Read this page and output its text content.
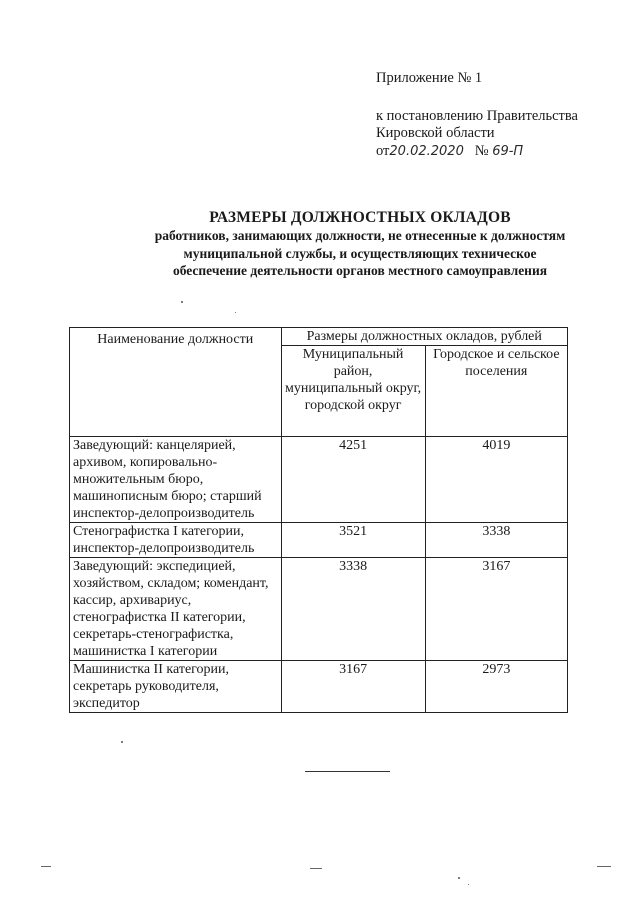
Приложение № 1
к постановлению Правительства
Кировской области
от20.02.2020 № 69-П
РАЗМЕРЫ ДОЛЖНОСТНЫХ ОКЛАДОВ
работников, занимающих должности, не отнесенные к должностям
муниципальной службы, и осуществляющих техническое
обеспечение деятельности органов местного самоуправления
Наименование должности	Размеры должностных окладов, рублей	
	Муниципальный район, муниципальный округ, городской округ	Городское и сельское поселения
Заведующий: канцелярией, архивом, копировально-множительным бюро, машинописным бюро; старший инспектор-делопроизводитель	4251	4019
Стенографистка I категории, инспектор-делопроизводитель	3521	3338
Заведующий: экспедицией, хозяйством, складом; комендант, кассир, архивариус, стенографистка II категории, секретарь-стенографистка, машинистка I категории	3338	3167
Машинистка II категории, секретарь руководителя, экспедитор	3167	2973
